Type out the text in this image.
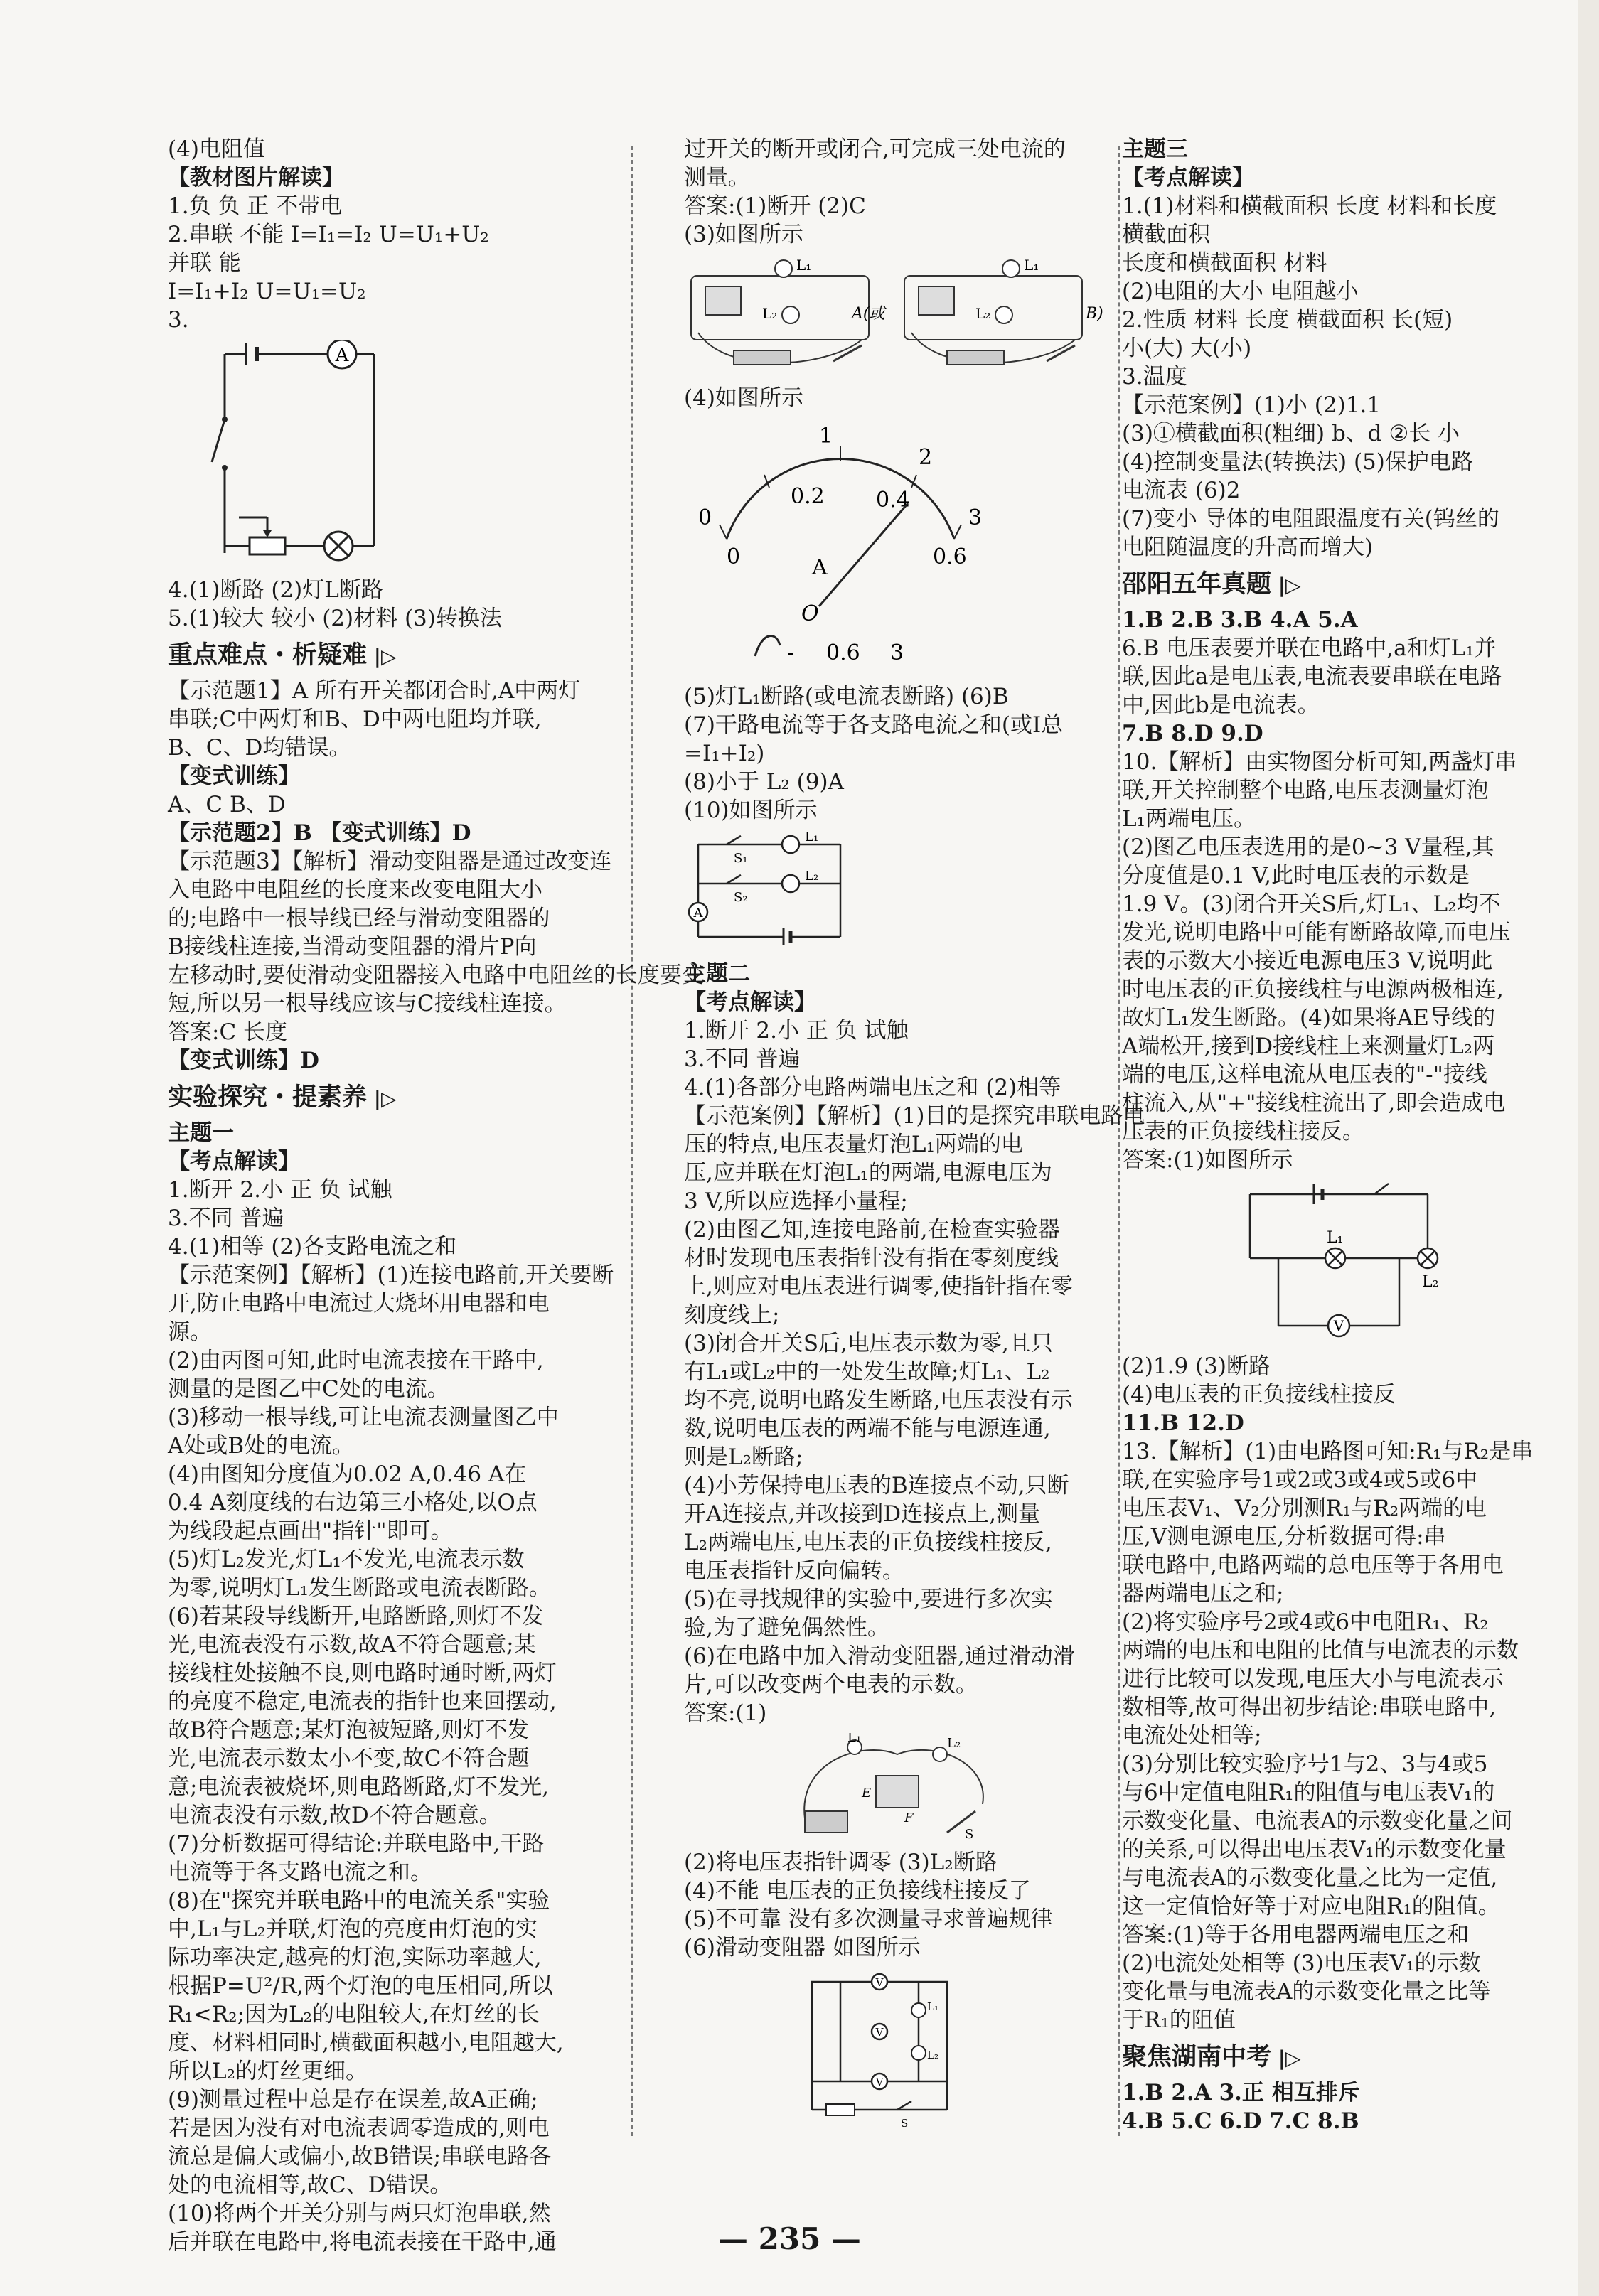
(4)电阻值

【教材图片解读】

1.负 负 正 不带电

2.串联 不能 I=I₁=I₂ U=U₁+U₂

并联 能

I=I₁+I₂ U=U₁=U₂

3.

A

4.(1)断路 (2)灯L断路

5.(1)较大 较小 (2)材料 (3)转换法

重点难点・析疑难 |▷

【示范题1】A 所有开关都闭合时,A中两灯

串联;C中两灯和B、D中两电阻均并联,

B、C、D均错误。

【变式训练】

A、C B、D

【示范题2】B 【变式训练】D

【示范题3】【解析】滑动变阻器是通过改变连

入电路中电阻丝的长度来改变电阻大小

的;电路中一根导线已经与滑动变阻器的

B接线柱连接,当滑动变阻器的滑片P向

左移动时,要使滑动变阻器接入电路中电阻丝的长度要变

短,所以另一根导线应该与C接线柱连接。

答案:C 长度

【变式训练】D

实验探究・提素养 |▷

主题一

【考点解读】

1.断开 2.小 正 负 试触

3.不同 普遍

4.(1)相等 (2)各支路电流之和

【示范案例】【解析】(1)连接电路前,开关要断

开,防止电路中电流过大烧坏用电器和电

源。

(2)由丙图可知,此时电流表接在干路中,

测量的是图乙中C处的电流。

(3)移动一根导线,可让电流表测量图乙中

A处或B处的电流。

(4)由图知分度值为0.02 A,0.46 A在

0.4 A刻度线的右边第三小格处,以O点

为线段起点画出"指针"即可。

(5)灯L₂发光,灯L₁不发光,电流表示数

为零,说明灯L₁发生断路或电流表断路。

(6)若某段导线断开,电路断路,则灯不发

光,电流表没有示数,故A不符合题意;某

接线柱处接触不良,则电路时通时断,两灯

的亮度不稳定,电流表的指针也来回摆动,

故B符合题意;某灯泡被短路,则灯不发

光,电流表示数太小不变,故C不符合题

意;电流表被烧坏,则电路断路,灯不发光,

电流表没有示数,故D不符合题意。

(7)分析数据可得结论:并联电路中,干路

电流等于各支路电流之和。

(8)在"探究并联电路中的电流关系"实验

中,L₁与L₂并联,灯泡的亮度由灯泡的实

际功率决定,越亮的灯泡,实际功率越大,

根据P=U²/R,两个灯泡的电压相同,所以

R₁<R₂;因为L₂的电阻较大,在灯丝的长

度、材料相同时,横截面积越小,电阻越大,

所以L₂的灯丝更细。

(9)测量过程中总是存在误差,故A正确;

若是因为没有对电流表调零造成的,则电

流总是偏大或偏小,故B错误;串联电路各

处的电流相等,故C、D错误。

(10)将两个开关分别与两只灯泡串联,然

后并联在电路中,将电流表接在干路中,通

过开关的断开或闭合,可完成三处电流的

测量。

答案:(1)断开 (2)C

(3)如图所示

L₁
L₂
L₁
L₂
A(或	B)

(4)如图所示

1
2
0	3
0
0.2 0.4
0.6
A
O
- 0.6 3

(5)灯L₁断路(或电流表断路) (6)B

(7)干路电流等于各支路电流之和(或I总

=I₁+I₂)

(8)小于 L₂ (9)A

(10)如图所示

A
S₁
L₁
L₂
S₂

主题二

【考点解读】

1.断开 2.小 正 负 试触

3.不同 普遍

4.(1)各部分电路两端电压之和 (2)相等

【示范案例】【解析】(1)目的是探究串联电路电

压的特点,电压表量灯泡L₁两端的电

压,应并联在灯泡L₁的两端,电源电压为

3 V,所以应选择小量程;

(2)由图乙知,连接电路前,在检查实验器

材时发现电压表指针没有指在零刻度线

上,则应对电压表进行调零,使指针指在零

刻度线上;

(3)闭合开关S后,电压表示数为零,且只

有L₁或L₂中的一处发生故障;灯L₁、L₂

均不亮,说明电路发生断路,电压表没有示

数,说明电压表的两端不能与电源连通,

则是L₂断路;

(4)小芳保持电压表的B连接点不动,只断

开A连接点,并改接到D连接点上,测量

L₂两端电压,电压表的正负接线柱接反,

电压表指针反向偏转。

(5)在寻找规律的实验中,要进行多次实

验,为了避免偶然性。

(6)在电路中加入滑动变阻器,通过滑动滑

片,可以改变两个电表的示数。

答案:(1)

L₁	L₂
E
F
S

(2)将电压表指针调零 (3)L₂断路

(4)不能 电压表的正负接线柱接反了

(5)不可靠 没有多次测量寻求普遍规律

(6)滑动变阻器 如图所示

V
V
V
L₁
L₂
S

主题三

【考点解读】

1.(1)材料和横截面积 长度 材料和长度

横截面积

长度和横截面积 材料

(2)电阻的大小 电阻越小

2.性质 材料 长度 横截面积 长(短)

小(大) 大(小)

3.温度

【示范案例】(1)小 (2)1.1

(3)①横截面积(粗细) b、d ②长 小

(4)控制变量法(转换法) (5)保护电路

电流表 (6)2

(7)变小 导体的电阻跟温度有关(钨丝的

电阻随温度的升高而增大)

邵阳五年真题 |▷

1.B 2.B 3.B 4.A 5.A

6.B 电压表要并联在电路中,a和灯L₁并

联,因此a是电压表,电流表要串联在电路

中,因此b是电流表。

7.B 8.D 9.D

10.【解析】由实物图分析可知,两盏灯串

联,开关控制整个电路,电压表测量灯泡

L₁两端电压。

(2)图乙电压表选用的是0~3 V量程,其

分度值是0.1 V,此时电压表的示数是

1.9 V。(3)闭合开关S后,灯L₁、L₂均不

发光,说明电路中可能有断路故障,而电压

表的示数大小接近电源电压3 V,说明此

时电压表的正负接线柱与电源两极相连,

故灯L₁发生断路。(4)如果将AE导线的

A端松开,接到D接线柱上来测量灯L₂两

端的电压,这样电流从电压表的"-"接线

柱流入,从"+"接线柱流出了,即会造成电

压表的正负接线柱接反。

答案:(1)如图所示

V
L₁
L₂

(2)1.9 (3)断路

(4)电压表的正负接线柱接反

11.B 12.D

13.【解析】(1)由电路图可知:R₁与R₂是串

联,在实验序号1或2或3或4或5或6中

电压表V₁、V₂分别测R₁与R₂两端的电

压,V测电源电压,分析数据可得:串

联电路中,电路两端的总电压等于各用电

器两端电压之和;

(2)将实验序号2或4或6中电阻R₁、R₂

两端的电压和电阻的比值与电流表的示数

进行比较可以发现,电压大小与电流表示

数相等,故可得出初步结论:串联电路中,

电流处处相等;

(3)分别比较实验序号1与2、3与4或5

与6中定值电阻R₁的阻值与电压表V₁的

示数变化量、电流表A的示数变化量之间

的关系,可以得出电压表V₁的示数变化量

与电流表A的示数变化量之比为一定值,

这一定值恰好等于对应电阻R₁的阻值。

答案:(1)等于各用电器两端电压之和

(2)电流处处相等 (3)电压表V₁的示数

变化量与电流表A的示数变化量之比等

于R₁的阻值

聚焦湖南中考 |▷

1.B 2.A 3.正 相互排斥

4.B 5.C 6.D 7.C 8.B

— 235 —
